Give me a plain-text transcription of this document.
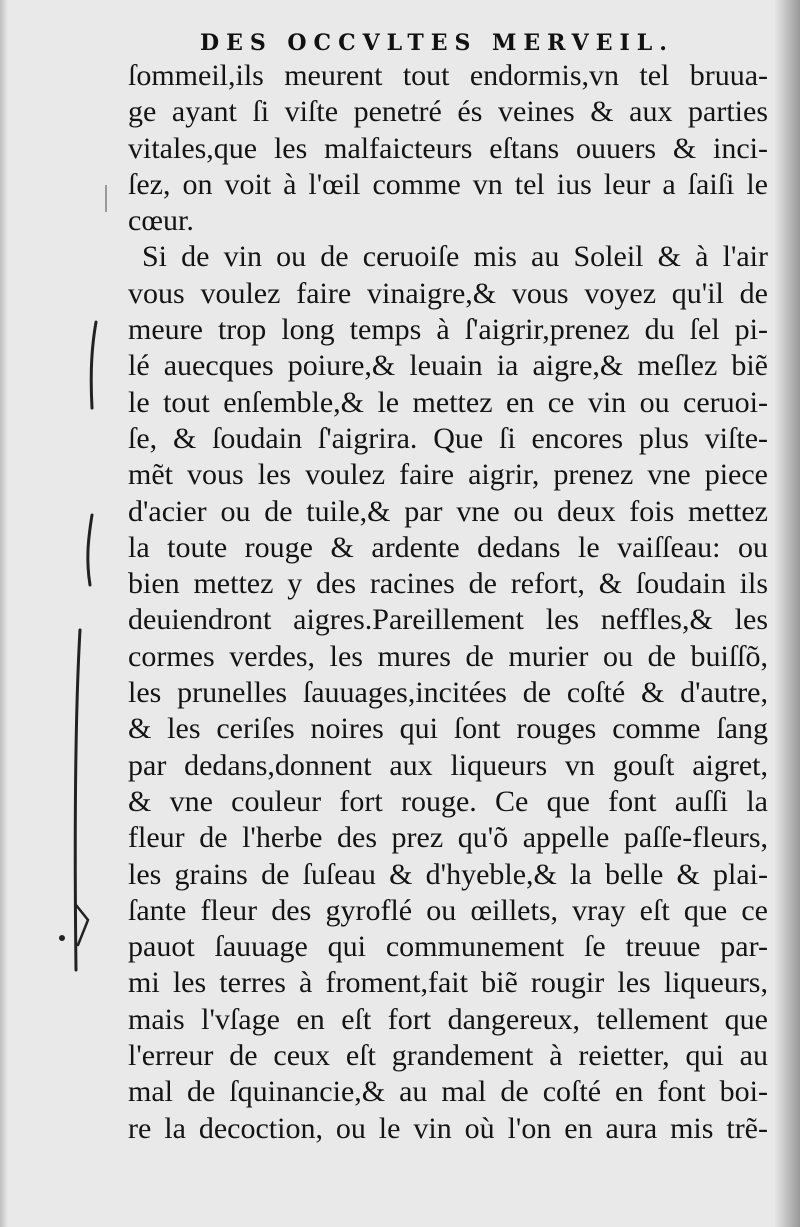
DES OCCVLTES MERVEIL.
ſommeil,ils meurent tout endormis,vn tel bruua-
ge ayant ſi viſte penetré és veines & aux parties
vitales,que les malfaicteurs eſtans ouuers & inci-
ſez, on voit à l'œil comme vn tel ius leur a ſaiſi le
cœur.
Si de vin ou de ceruoiſe mis au Soleil & à l'air
vous voulez faire vinaigre,& vous voyez qu'il de
meure trop long temps à ſ'aigrir,prenez du ſel pi-
lé auecques poiure,& leuain ia aigre,& meſlez biẽ
le tout enſemble,& le mettez en ce vin ou ceruoi-
ſe, & ſoudain ſ'aigrira. Que ſi encores plus viſte-
mẽt vous les voulez faire aigrir, prenez vne piece
d'acier ou de tuile,& par vne ou deux fois mettez
la toute rouge & ardente dedans le vaiſſeau: ou
bien mettez y des racines de refort, & ſoudain ils
deuiendront aigres.Pareillement les neffles,& les
cormes verdes, les mures de murier ou de buiſſõ,
les prunelles ſauuages,incitées de coſté & d'autre,
& les ceriſes noires qui ſont rouges comme ſang
par dedans,donnent aux liqueurs vn gouſt aigret,
& vne couleur fort rouge. Ce que font auſſi la
fleur de l'herbe des prez qu'õ appelle paſſe-fleurs,
les grains de ſuſeau & d'hyeble,& la belle & plai-
ſante fleur des gyroflé ou œillets, vray eſt que ce
pauot ſauuage qui communement ſe treuue par-
mi les terres à froment,fait biẽ rougir les liqueurs,
mais l'vſage en eſt fort dangereux, tellement que
l'erreur de ceux eſt grandement à reietter, qui au
mal de ſquinancie,& au mal de coſté en font boi-
re la decoction, ou le vin où l'on en aura mis trẽ-
